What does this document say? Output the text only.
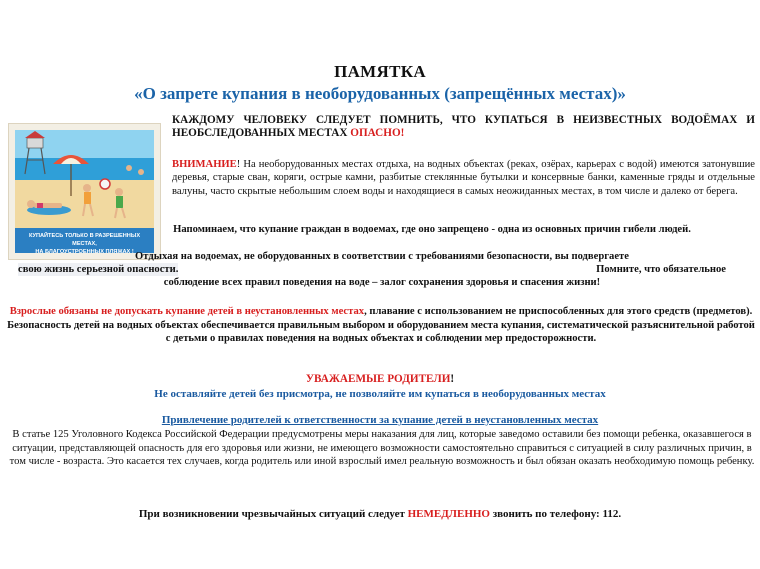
ПАМЯТКА
«О запрете купания в необорудованных (запрещённых местах)»
КУПАЙТЕСЬ ТОЛЬКО В РАЗРЕШЕННЫХ МЕСТАХ,
НА БЛАГОУСТРОЕННЫХ ПЛЯЖАХ !
КАЖДОМУ ЧЕЛОВЕКУ СЛЕДУЕТ ПОМНИТЬ, ЧТО КУПАТЬСЯ В НЕИЗВЕСТНЫХ ВОДОЁМАХ И НЕОБСЛЕДОВАННЫХ МЕСТАХ ОПАСНО!
ВНИМАНИЕ! На необорудованных местах отдыха, на водных объектах (реках, озёрах, карьерах с водой) имеются затонувшие деревья, старые сван, коряги, острые камни, разбитые стеклянные бутылки и консервные банки, каменные гряды и отдельные валуны, часто скрытые небольшим слоем воды и находящиеся в самых неожиданных местах, в том числе и далеко от берега.
Напоминаем, что купание граждан в водоемах, где оно запрещено - одна из основных причин гибели людей.
Отдыхая на водоемах, не оборудованных в соответствии с требованиями безопасности, вы подвергаете
свою жизнь серьезной опасности.	Помните, что обязательное
соблюдение всех правил поведения на воде – залог сохранения здоровья и спасения жизни!
Взрослые обязаны не допускать купание детей в неустановленных местах, плавание с использованием не приспособленных для этого средств (предметов). Безопасность детей на водных объектах обеспечивается правильным выбором и оборудованием места купания, систематической разъяснительной работой с детьми о правилах поведения на водных объектах и соблюдении мер предосторожности.
УВАЖАЕМЫЕ РОДИТЕЛИ!
Не оставляйте детей без присмотра, не позволяйте им купаться в необорудованных местах
Привлечение родителей к ответственности за купание детей в неустановленных местах
В статье 125 Уголовного Кодекса Российской Федерации предусмотрены меры наказания для лиц, которые заведомо оставили без помощи ребенка, оказавшегося в ситуации, представляющей опасность для его здоровья или жизни, не имеющего возможности самостоятельно справиться с ситуацией в силу различных причин, в том числе - возраста. Это касается тех случаев, когда родитель или иной взрослый имел реальную возможность и был обязан оказать необходимую помощь ребенку.
При возникновении чрезвычайных ситуаций следует НЕМЕДЛЕННО звонить по телефону: 112.
